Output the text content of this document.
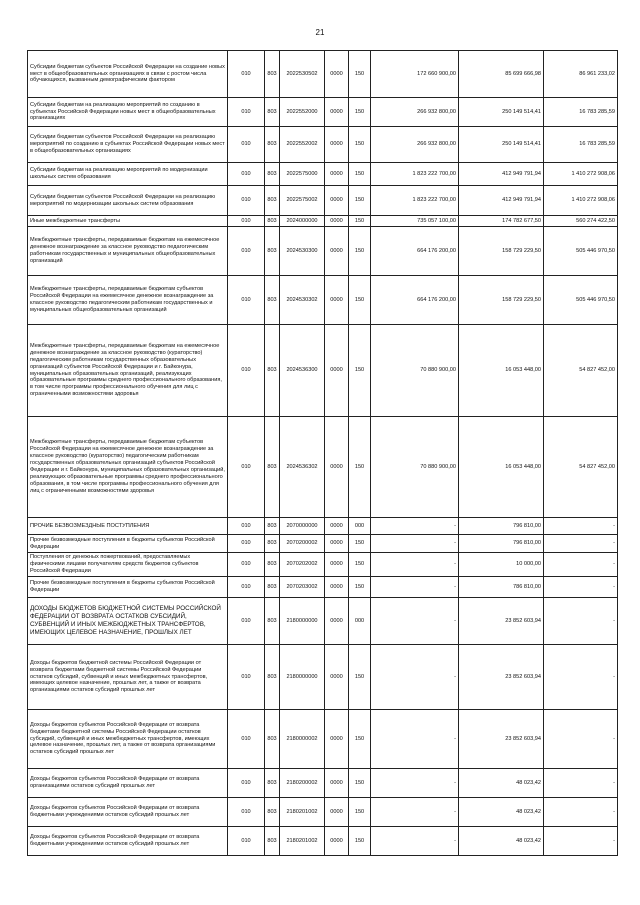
21
Субсидии бюджетам субъектов Российской Федерации на создание новых мест в общеобразовательных организациях в связи с ростом числа обучающихся, вызванным демографическим фактором	010	803	2022530502	0000	150	172 660 900,00	85 699 666,98	86 961 233,02
Субсидии бюджетам на реализацию мероприятий по созданию в субъектах Российской Федерации новых мест в общеобразовательных организациях	010	803	2022552000	0000	150	266 932 800,00	250 149 514,41	16 783 285,59
Субсидии бюджетам субъектов Российской Федерации на реализацию мероприятий по созданию в субъектах Российской Федерации новых мест в общеобразовательных организациях	010	803	2022552002	0000	150	266 932 800,00	250 149 514,41	16 783 285,59
Субсидии бюджетам на реализацию мероприятий по модернизации школьных систем образования	010	803	2022575000	0000	150	1 823 222 700,00	412 949 791,94	1 410 272 908,06
Субсидии бюджетам субъектов Российской Федерации на реализацию мероприятий по модернизации школьных систем образования	010	803	2022575002	0000	150	1 823 222 700,00	412 949 791,94	1 410 272 908,06
Иные межбюджетные трансферты	010	803	2024000000	0000	150	735 057 100,00	174 782 677,50	560 274 422,50
Межбюджетные трансферты, передаваемые бюджетам на ежемесячное денежное вознаграждение за классное руководство педагогическим работникам государственных и муниципальных общеобразовательных организаций	010	803	2024530300	0000	150	664 176 200,00	158 729 229,50	505 446 970,50
Межбюджетные трансферты, передаваемые бюджетам субъектов Российской Федерации на ежемесячное денежное вознаграждение за классное руководство педагогическим работникам государственных и муниципальных общеобразовательных организаций	010	803	2024530302	0000	150	664 176 200,00	158 729 229,50	505 446 970,50
Межбюджетные трансферты, передаваемые бюджетам на ежемесячное денежное вознаграждение за классное руководство (кураторство) педагогическим работникам государственных образовательных организаций субъектов Российской Федерации и г. Байконура, муниципальных образовательных организаций, реализующих образовательные программы среднего профессионального образования, в том числе программы профессионального обучения для лиц с ограниченными возможностями здоровья	010	803	2024536300	0000	150	70 880 900,00	16 053 448,00	54 827 452,00
Межбюджетные трансферты, передаваемые бюджетам субъектов Российской Федерации на ежемесячное денежное вознаграждение за классное руководство (кураторство) педагогическим работникам государственных образовательных организаций субъектов Российской Федерации и г. Байконура, муниципальных образовательных организаций, реализующих образовательные программы среднего профессионального образования, в том числе программы профессионального обучения для лиц с ограниченными возможностями здоровья	010	803	2024536302	0000	150	70 880 900,00	16 053 448,00	54 827 452,00
ПРОЧИЕ БЕЗВОЗМЕЗДНЫЕ ПОСТУПЛЕНИЯ	010	803	2070000000	0000	000	-	796 810,00	-
Прочие безвозмездные поступления в бюджеты субъектов Российской Федерации	010	803	2070200002	0000	150	-	796 810,00	-
Поступления от денежных пожертвований, предоставляемых физическими лицами получателям средств бюджетов субъектов Российской Федерации	010	803	2070202002	0000	150	-	10 000,00	-
Прочие безвозмездные поступления в бюджеты субъектов Российской Федерации	010	803	2070203002	0000	150	-	786 810,00	-
ДОХОДЫ БЮДЖЕТОВ БЮДЖЕТНОЙ СИСТЕМЫ РОССИЙСКОЙ ФЕДЕРАЦИИ ОТ ВОЗВРАТА ОСТАТКОВ СУБСИДИЙ, СУБВЕНЦИЙ И ИНЫХ МЕЖБЮДЖЕТНЫХ ТРАНСФЕРТОВ, ИМЕЮЩИХ ЦЕЛЕВОЕ НАЗНАЧЕНИЕ, ПРОШЛЫХ ЛЕТ	010	803	2180000000	0000	000	-	23 852 603,94	-
Доходы бюджетов бюджетной системы Российской Федерации от возврата бюджетами бюджетной системы Российской Федерации остатков субсидий, субвенций и иных межбюджетных трансфертов, имеющих целевое назначение, прошлых лет, а также от возврата организациями остатков субсидий прошлых лет	010	803	2180000000	0000	150	-	23 852 603,94	-
Доходы бюджетов субъектов Российской Федерации от возврата бюджетами бюджетной системы Российской Федерации остатков субсидий, субвенций и иных межбюджетных трансфертов, имеющих целевое назначение, прошлых лет, а также от возврата организациями остатков субсидий прошлых лет	010	803	2180000002	0000	150	-	23 852 603,94	-
Доходы бюджетов субъектов Российской Федерации от возврата организациями остатков субсидий прошлых лет	010	803	2180200002	0000	150	-	48 023,42	-
Доходы бюджетов субъектов Российской Федерации от возврата бюджетными учреждениями остатков субсидий прошлых лет	010	803	2180201002	0000	150	-	48 023,42	-
Доходы бюджетов субъектов Российской Федерации от возврата бюджетными учреждениями остатков субсидий прошлых лет	010	803	2180201002	0000	150	-	48 023,42	-
